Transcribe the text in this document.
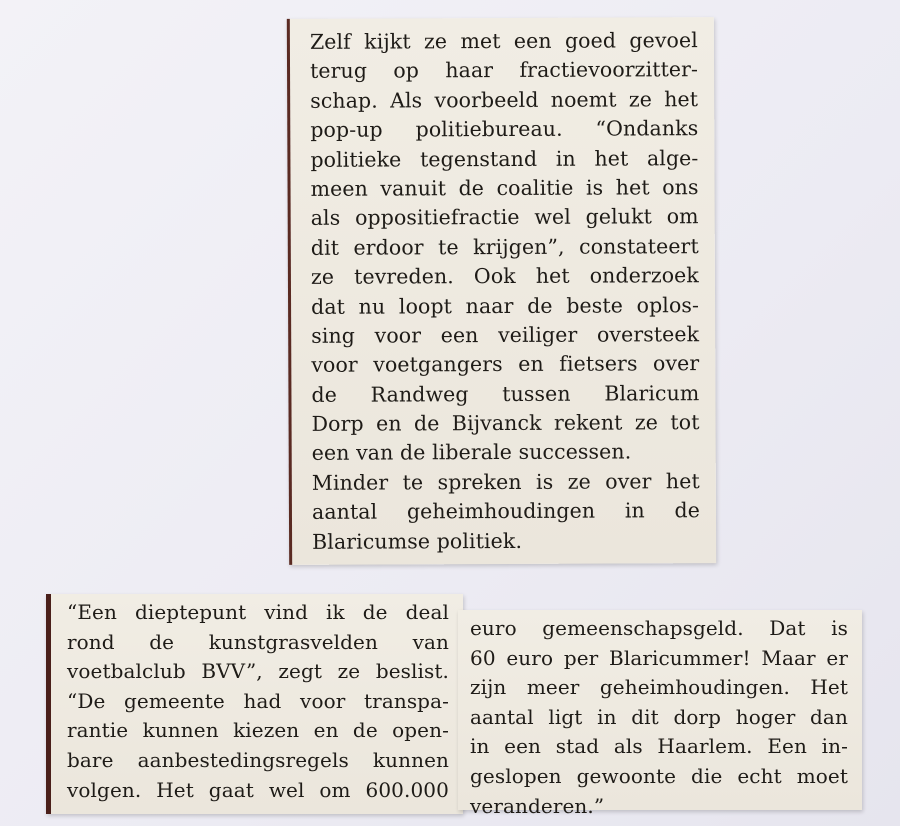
Zelf kijkt ze met een goed gevoel
terug op haar fractievoorzitter-
schap. Als voorbeeld noemt ze het
pop-up politiebureau. “Ondanks
politieke tegenstand in het alge-
meen vanuit de coalitie is het ons
als oppositiefractie wel gelukt om
dit erdoor te krijgen”, constateert
ze tevreden. Ook het onderzoek
dat nu loopt naar de beste oplos-
sing voor een veiliger oversteek
voor voetgangers en fietsers over
de Randweg tussen Blaricum
Dorp en de Bijvanck rekent ze tot
een van de liberale successen.
Minder te spreken is ze over het
aantal geheimhoudingen in de
Blaricumse politiek.
“Een dieptepunt vind ik de deal
rond de kunstgrasvelden van
voetbalclub BVV”, zegt ze beslist.
“De gemeente had voor transpa-
rantie kunnen kiezen en de open-
bare aanbestedingsregels kunnen
volgen. Het gaat wel om 600.000
euro gemeenschapsgeld. Dat is
60 euro per Blaricummer! Maar er
zijn meer geheimhoudingen. Het
aantal ligt in dit dorp hoger dan
in een stad als Haarlem. Een in-
geslopen gewoonte die echt moet
veranderen.”
